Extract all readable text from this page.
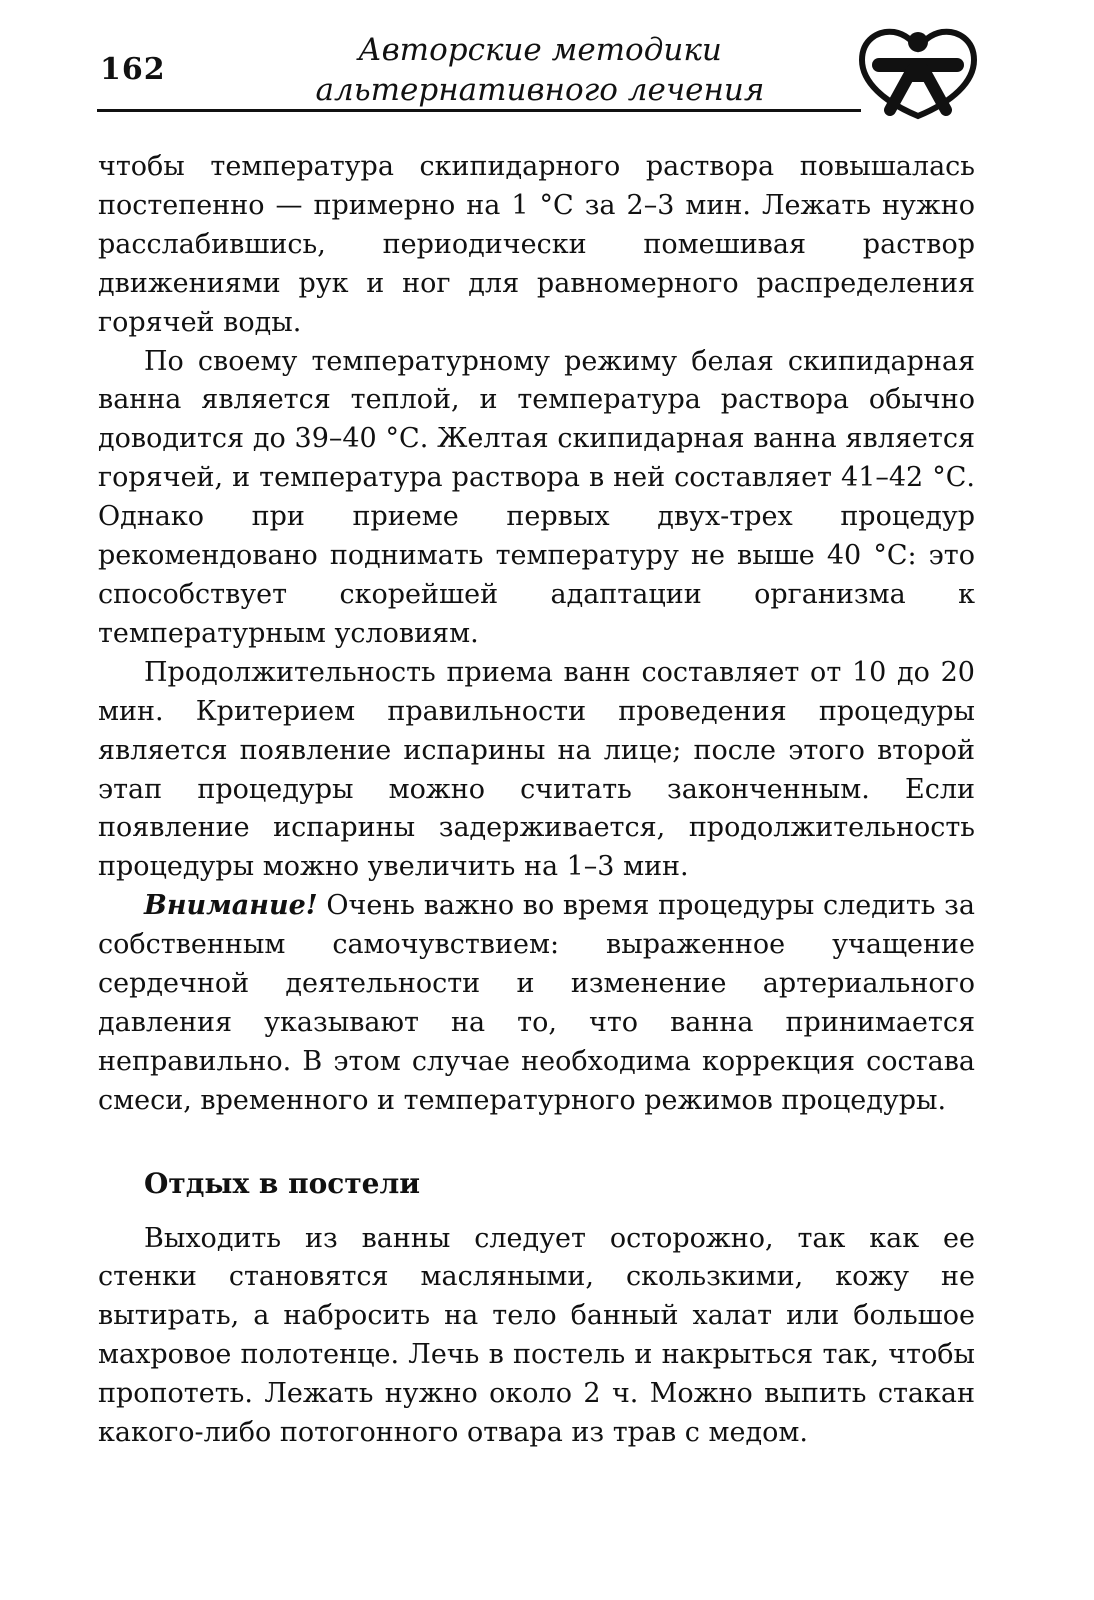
162
Авторские методики
альтернативного лечения

чтобы температура скипидарного раствора повышалась постепенно — примерно на 1 °С за 2–3 мин. Лежать нужно расслабившись, периодически помешивая раствор движениями рук и ног для равномерного распределения горячей воды.

По своему температурному режиму белая скипидарная ванна является теплой, и температура раствора обычно доводится до 39–40 °С. Желтая скипидарная ванна является горячей, и температура раствора в ней составляет 41–42 °С. Однако при приеме первых двух-трех процедур рекомендовано поднимать температуру не выше 40 °С: это способствует скорейшей адаптации организма к температурным условиям.

Продолжительность приема ванн составляет от 10 до 20 мин. Критерием правильности проведения процедуры является появление испарины на лице; после этого второй этап процедуры можно считать законченным. Если появление испарины задерживается, продолжительность процедуры можно увеличить на 1–3 мин.

Внимание! Очень важно во время процедуры следить за собственным самочувствием: выраженное учащение сердечной деятельности и изменение артериального давления указывают на то, что ванна принимается неправильно. В этом случае необходима коррекция состава смеси, временного и температурного режимов процедуры.

Отдых в постели

Выходить из ванны следует осторожно, так как ее стенки становятся масляными, скользкими, кожу не вытирать, а набросить на тело банный халат или большое махровое полотенце. Лечь в постель и накрыться так, чтобы пропотеть. Лежать нужно около 2 ч. Можно выпить стакан какого-либо потогонного отвара из трав с медом.
